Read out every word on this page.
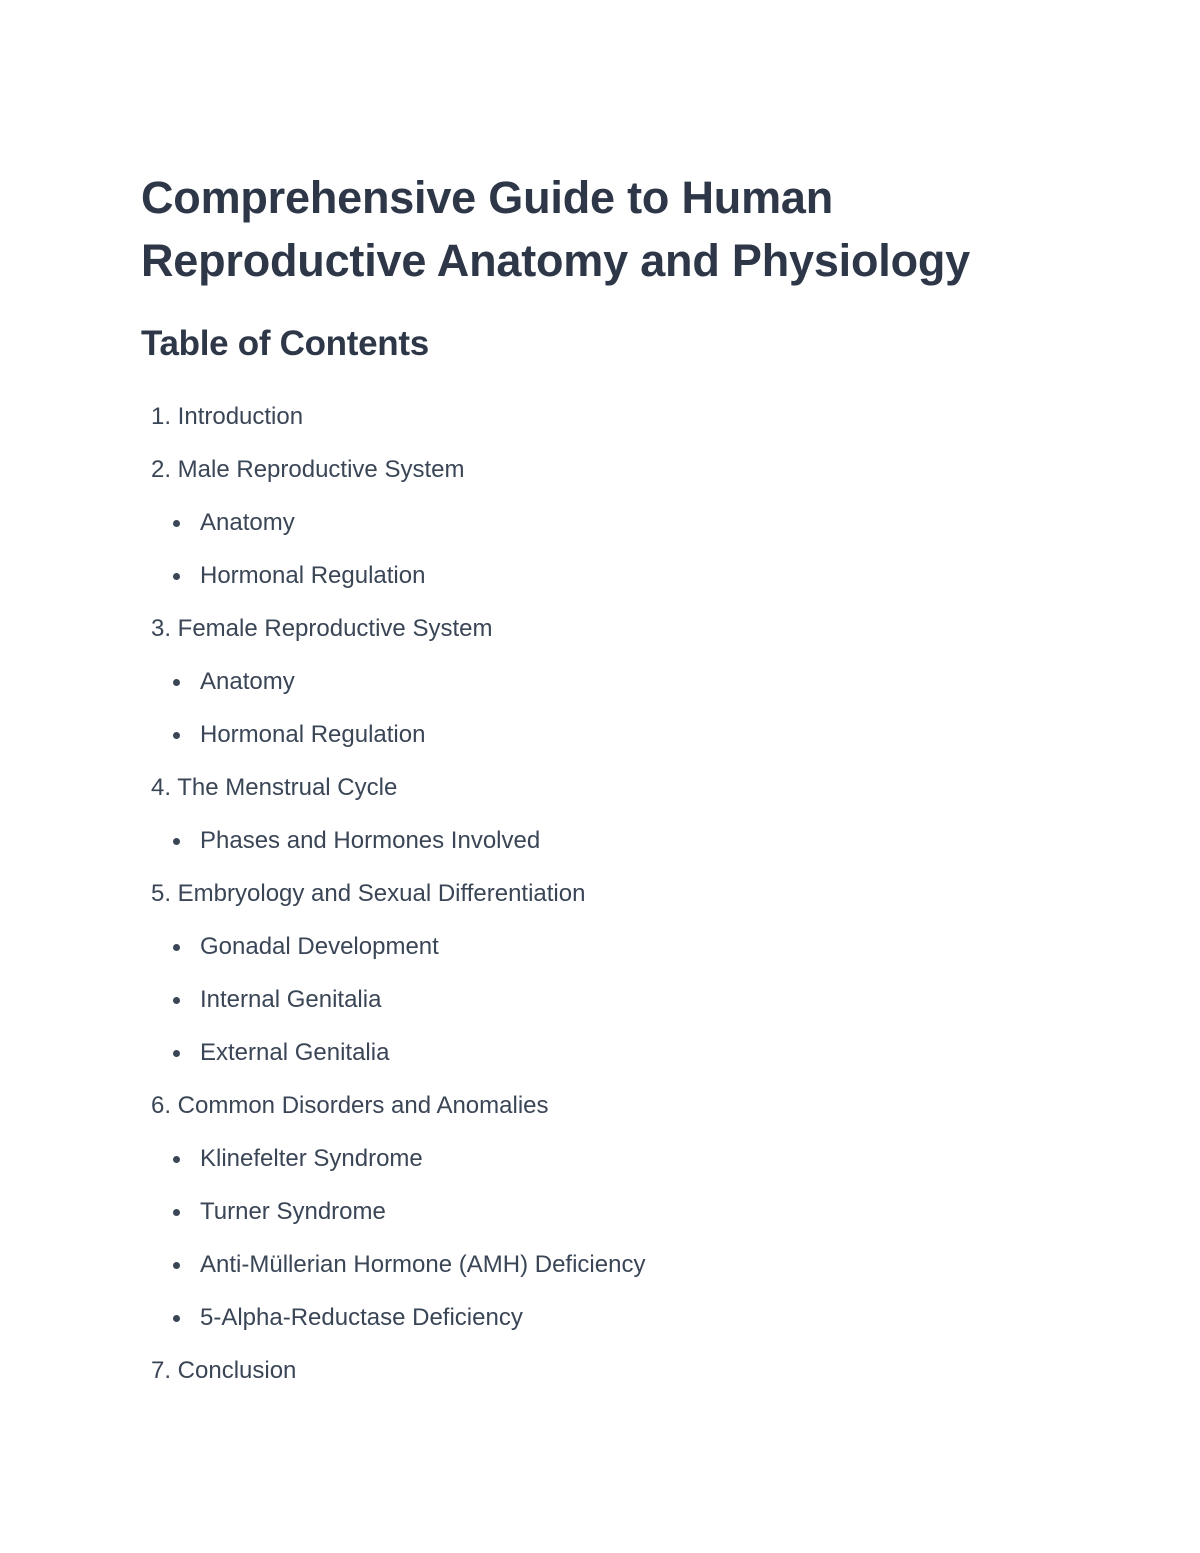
Comprehensive Guide to Human
Reproductive Anatomy and Physiology
Table of Contents
1. Introduction
2. Male Reproductive System
Anatomy
Hormonal Regulation
3. Female Reproductive System
Anatomy
Hormonal Regulation
4. The Menstrual Cycle
Phases and Hormones Involved
5. Embryology and Sexual Differentiation
Gonadal Development
Internal Genitalia
External Genitalia
6. Common Disorders and Anomalies
Klinefelter Syndrome
Turner Syndrome
Anti-Müllerian Hormone (AMH) Deficiency
5-Alpha-Reductase Deficiency
7. Conclusion
